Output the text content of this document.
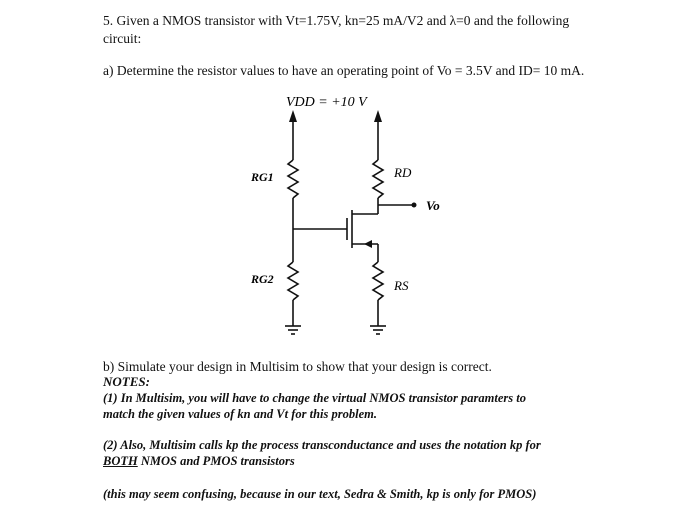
5. Given a NMOS transistor with Vt=1.75V, kn=25 mA/V2 and λ=0 and the following

circuit:

a) Determine the resistor values to have an operating point of Vo = 3.5V and ID= 10 mA.

VDD = +10 V
RG1
RG2
RD
RS
Vo

b) Simulate your design in Multisim to show that your design is correct.

NOTES:

(1) In Multisim, you will have to change the virtual NMOS transistor paramters to

match the given values of kn and Vt for this problem.

(2) Also, Multisim calls kp the process transconductance and uses the notation kp for

BOTH NMOS and PMOS transistors

(this may seem confusing, because in our text, Sedra & Smith, kp is only for PMOS)
